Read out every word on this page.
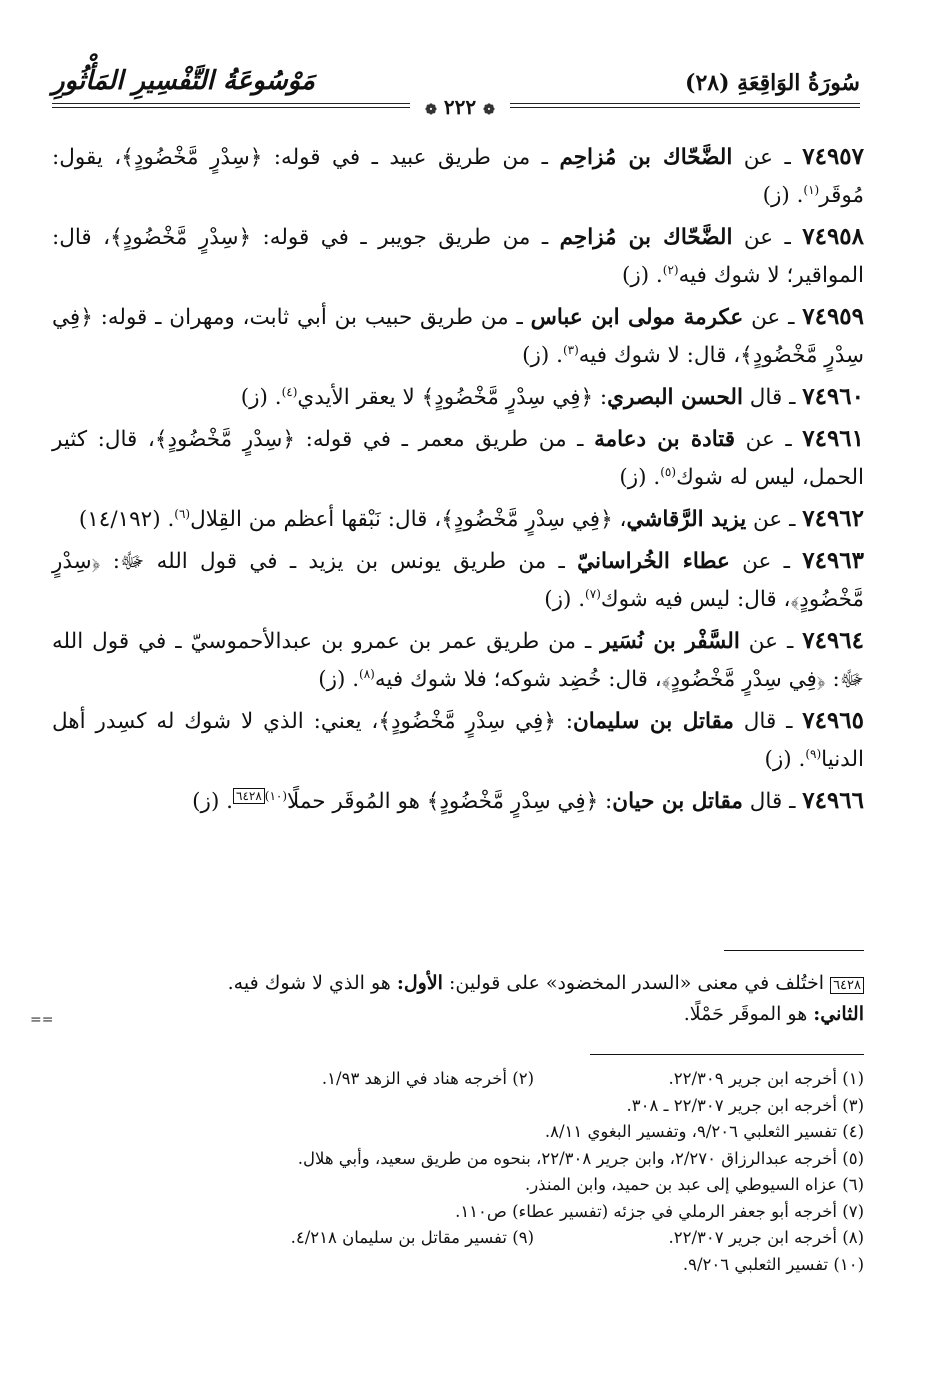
سُورَةُ الوَاقِعَةِ (٢٨)
مَوْسُوعَةُ التَّفْسِيرِ المَأْثُورِ
❁ ٢٢٢ ❁
٧٤٩٥٧ ـ عن الضَّحّاك بن مُزاحِم ـ من طريق عبيد ـ في قوله: ﴿سِدْرٍ مَّخْضُودٍ﴾، يقول: مُوقَر$^{(١)}$. (ز)
٧٤٩٥٨ ـ عن الضَّحّاك بن مُزاحِم ـ من طريق جويبر ـ في قوله: ﴿سِدْرٍ مَّخْضُودٍ﴾، قال: المواقير؛ لا شوك فيه$^{(٢)}$. (ز)
٧٤٩٥٩ ـ عن عكرمة مولى ابن عباس ـ من طريق حبيب بن أبي ثابت، ومهران ـ قوله: ﴿فِي سِدْرٍ مَّخْضُودٍ﴾، قال: لا شوك فيه$^{(٣)}$. (ز)
٧٤٩٦٠ ـ قال الحسن البصري: ﴿فِي سِدْرٍ مَّخْضُودٍ﴾ لا يعقر الأيدي$^{(٤)}$. (ز)
٧٤٩٦١ ـ عن قتادة بن دعامة ـ من طريق معمر ـ في قوله: ﴿سِدْرٍ مَّخْضُودٍ﴾، قال: كثير الحمل، ليس له شوك$^{(٥)}$. (ز)
٧٤٩٦٢ ـ عن يزيد الرَّقاشي، ﴿فِي سِدْرٍ مَّخْضُودٍ﴾، قال: نَبْقها أعظم من القِلال$^{(٦)}$. (١٤/١٩٢)
٧٤٩٦٣ ـ عن عطاء الخُراسانيّ ـ من طريق يونس بن يزيد ـ في قول الله ﷻ: ﴿سِدْرٍ مَّخْضُودٍ﴾، قال: ليس فيه شوك$^{(٧)}$. (ز)
٧٤٩٦٤ ـ عن السَّفْر بن نُسَير ـ من طريق عمر بن عمرو بن عبدالأحموسيّ ـ في قول الله ﷻ: ﴿فِي سِدْرٍ مَّخْضُودٍ﴾، قال: خُضِد شوكه؛ فلا شوك فيه$^{(٨)}$. (ز)
٧٤٩٦٥ ـ قال مقاتل بن سليمان: ﴿فِي سِدْرٍ مَّخْضُودٍ﴾، يعني: الذي لا شوك له كسِدر أهل الدنيا$^{(٩)}$. (ز)
٧٤٩٦٦ ـ قال مقاتل بن حيان: ﴿فِي سِدْرٍ مَّخْضُودٍ﴾ هو المُوقَر حملًا$^{(١٠)٦٤٢٨}$. (ز)
٦٤٢٨ اختُلف في معنى «السدر المخضود» على قولين: الأول: هو الذي لا شوك فيه.
الثاني: هو الموقَر حَمْلًا.
==
(١) أخرجه ابن جرير ٢٢/٣٠٩.
(٢) أخرجه هناد في الزهد ١/٩٣.
(٣) أخرجه ابن جرير ٢٢/٣٠٧ ـ ٣٠٨.
(٤) تفسير الثعلبي ٩/٢٠٦، وتفسير البغوي ٨/١١.
(٥) أخرجه عبدالرزاق ٢/٢٧٠، وابن جرير ٢٢/٣٠٨، بنحوه من طريق سعيد، وأبي هلال.
(٦) عزاه السيوطي إلى عبد بن حميد، وابن المنذر.
(٧) أخرجه أبو جعفر الرملي في جزئه (تفسير عطاء) ص١١٠.
(٨) أخرجه ابن جرير ٢٢/٣٠٧.
(٩) تفسير مقاتل بن سليمان ٤/٢١٨.
(١٠) تفسير الثعلبي ٩/٢٠٦.
